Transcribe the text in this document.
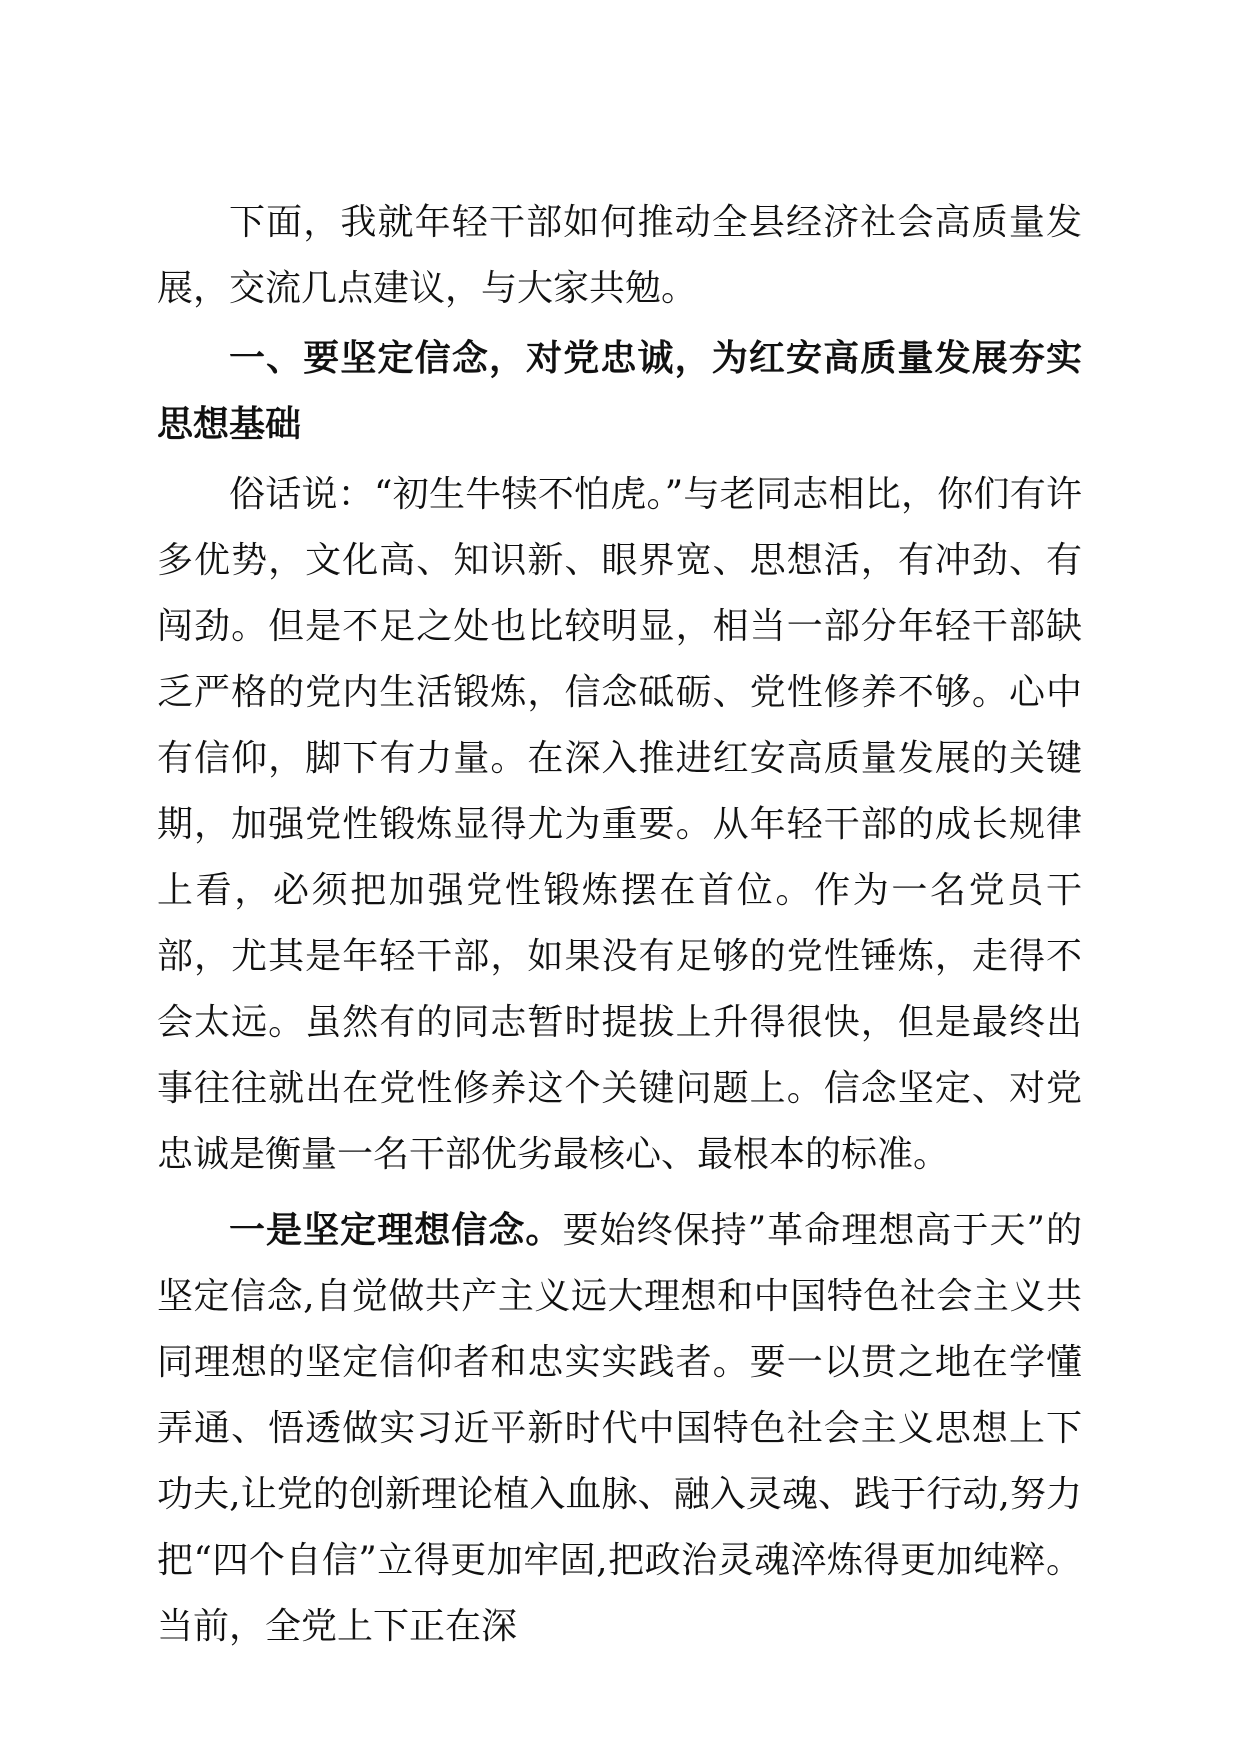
下面，我就年轻干部如何推动全县经济社会高质量发展，交流几点建议，与大家共勉。

一、要坚定信念，对党忠诚，为红安高质量发展夯实思想基础

俗话说：“初生牛犊不怕虎。”与老同志相比，你们有许多优势，文化高、知识新、眼界宽、思想活，有冲劲、有闯劲。但是不足之处也比较明显，相当一部分年轻干部缺乏严格的党内生活锻炼，信念砥砺、党性修养不够。心中有信仰，脚下有力量。在深入推进红安高质量发展的关键期，加强党性锻炼显得尤为重要。从年轻干部的成长规律上看，必须把加强党性锻炼摆在首位。作为一名党员干部，尤其是年轻干部，如果没有足够的党性锤炼，走得不会太远。虽然有的同志暂时提拔上升得很快，但是最终出事往往就出在党性修养这个关键问题上。信念坚定、对党忠诚是衡量一名干部优劣最核心、最根本的标准。

一是坚定理想信念。要始终保持”革命理想高于天”的坚定信念,自觉做共产主义远大理想和中国特色社会主义共同理想的坚定信仰者和忠实实践者。要一以贯之地在学懂弄通、悟透做实习近平新时代中国特色社会主义思想上下功夫,让党的创新理论植入血脉、融入灵魂、践于行动,努力把“四个自信”立得更加牢固,把政治灵魂淬炼得更加纯粹。当前，全党上下正在深
